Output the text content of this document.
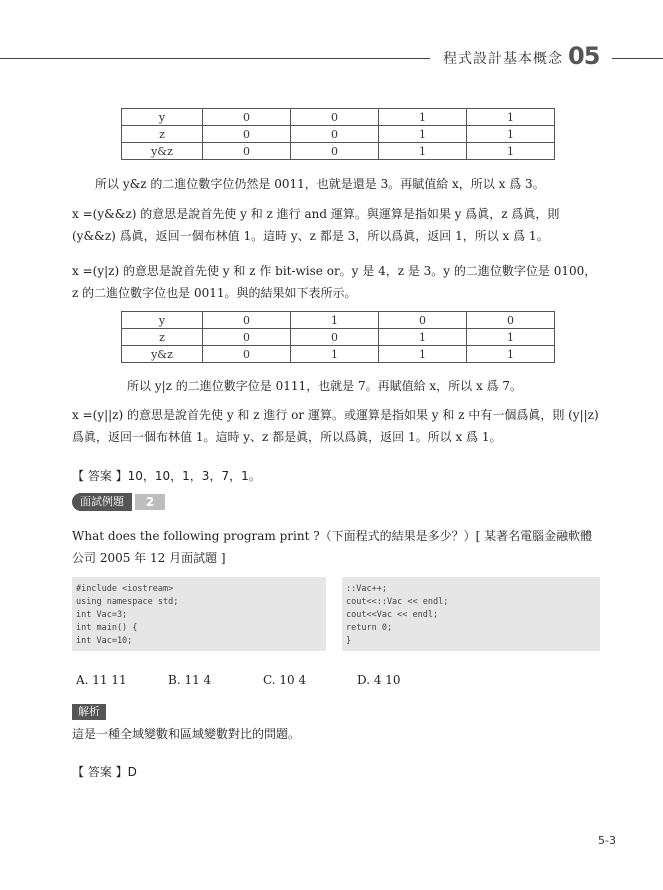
程式設計基本概念 05
y	0	0	1	1
z	0	0	1	1
y&z	0	0	1	1
所以 y&z 的二進位數字位仍然是 0011，也就是還是 3。再賦值給 x，所以 x 爲 3。
x =(y&&z) 的意思是說首先使 y 和 z 進行 and 運算。與運算是指如果 y 爲眞，z 爲眞，則 (y&&z) 爲眞，返回一個布林值 1。這時 y、z 都是 3，所以爲眞，返回 1，所以 x 爲 1。
x =(y|z) 的意思是說首先使 y 和 z 作 bit-wise or。y 是 4，z 是 3。y 的二進位數字位是 0100，z 的二進位數字位也是 0011。與的結果如下表所示。
y	0	1	0	0
z	0	0	1	1
y&z	0	1	1	1
所以 y|z 的二進位數字位是 0111，也就是 7。再賦值給 x，所以 x 爲 7。
x =(y||z) 的意思是說首先使 y 和 z 進行 or 運算。或運算是指如果 y 和 z 中有一個爲眞，則 (y||z) 爲眞，返回一個布林值 1。這時 y、z 都是眞，所以爲眞，返回 1。所以 x 爲 1。
【 答案 】10，10，1，3，7，1。
面試例題	2
What does the following program print ?（下面程式的結果是多少？）[ 某著名電腦金融軟體公司 2005 年 12 月面試題 ]
#include <iostream>
using namespace std;
int Vac=3;
int main() {
int Vac=10;
::Vac++;
cout<<::Vac << endl;
cout<<Vac << endl;
return 0;
}
A. 11 11	B. 11 4	C. 10 4	D. 4 10
解析
這是一種全域變數和區域變數對比的問題。
【 答案 】D
5-3
